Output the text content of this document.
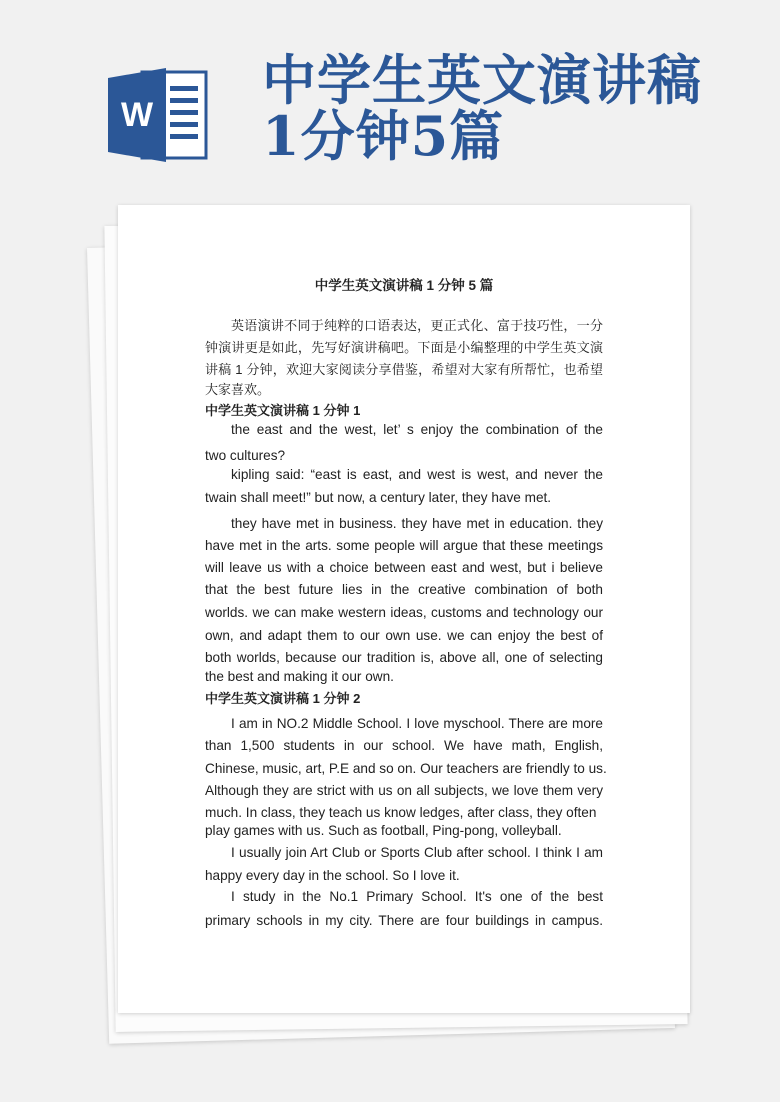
W
中学生英文演讲稿
1分钟5篇
中学生英文演讲稿 1 分钟 5 篇
英语演讲不同于纯粹的口语表达，更正式化、富于技巧性，一分
钟演讲更是如此，先写好演讲稿吧。下面是小编整理的中学生英文演
讲稿 1 分钟，欢迎大家阅读分享借鉴，希望对大家有所帮忙，也希望
大家喜欢。
中学生英文演讲稿 1 分钟 1
the east and the west, let’ s enjoy the combination of the
two cultures?
kipling said: “east is east, and west is west, and never the
twain shall meet!” but now, a century later, they have met.
they have met in business. they have met in education. they
have met in the arts. some people will argue that these meetings
will leave us with a choice between east and west, but i believe
that the best future lies in the creative combination of both
worlds. we can make western ideas, customs and technology our
own, and adapt them to our own use. we can enjoy the best of
both worlds, because our tradition is, above all, one of selecting
the best and making it our own.
中学生英文演讲稿 1 分钟 2
I am in NO.2 Middle School. I love myschool. There are more
than 1,500 students in our school. We have math, English,
Chinese, music, art, P.E and so on. Our teachers are friendly to us.
Although they are strict with us on all subjects, we love them very
much. In class, they teach us know ledges, after class, they often
play games with us. Such as football, Ping-pong, volleyball.
I usually join Art Club or Sports Club after school. I think I am
happy every day in the school. So I love it.
I study in the No.1 Primary School. It's one of the best
primary schools in my city. There are four buildings in campus.
